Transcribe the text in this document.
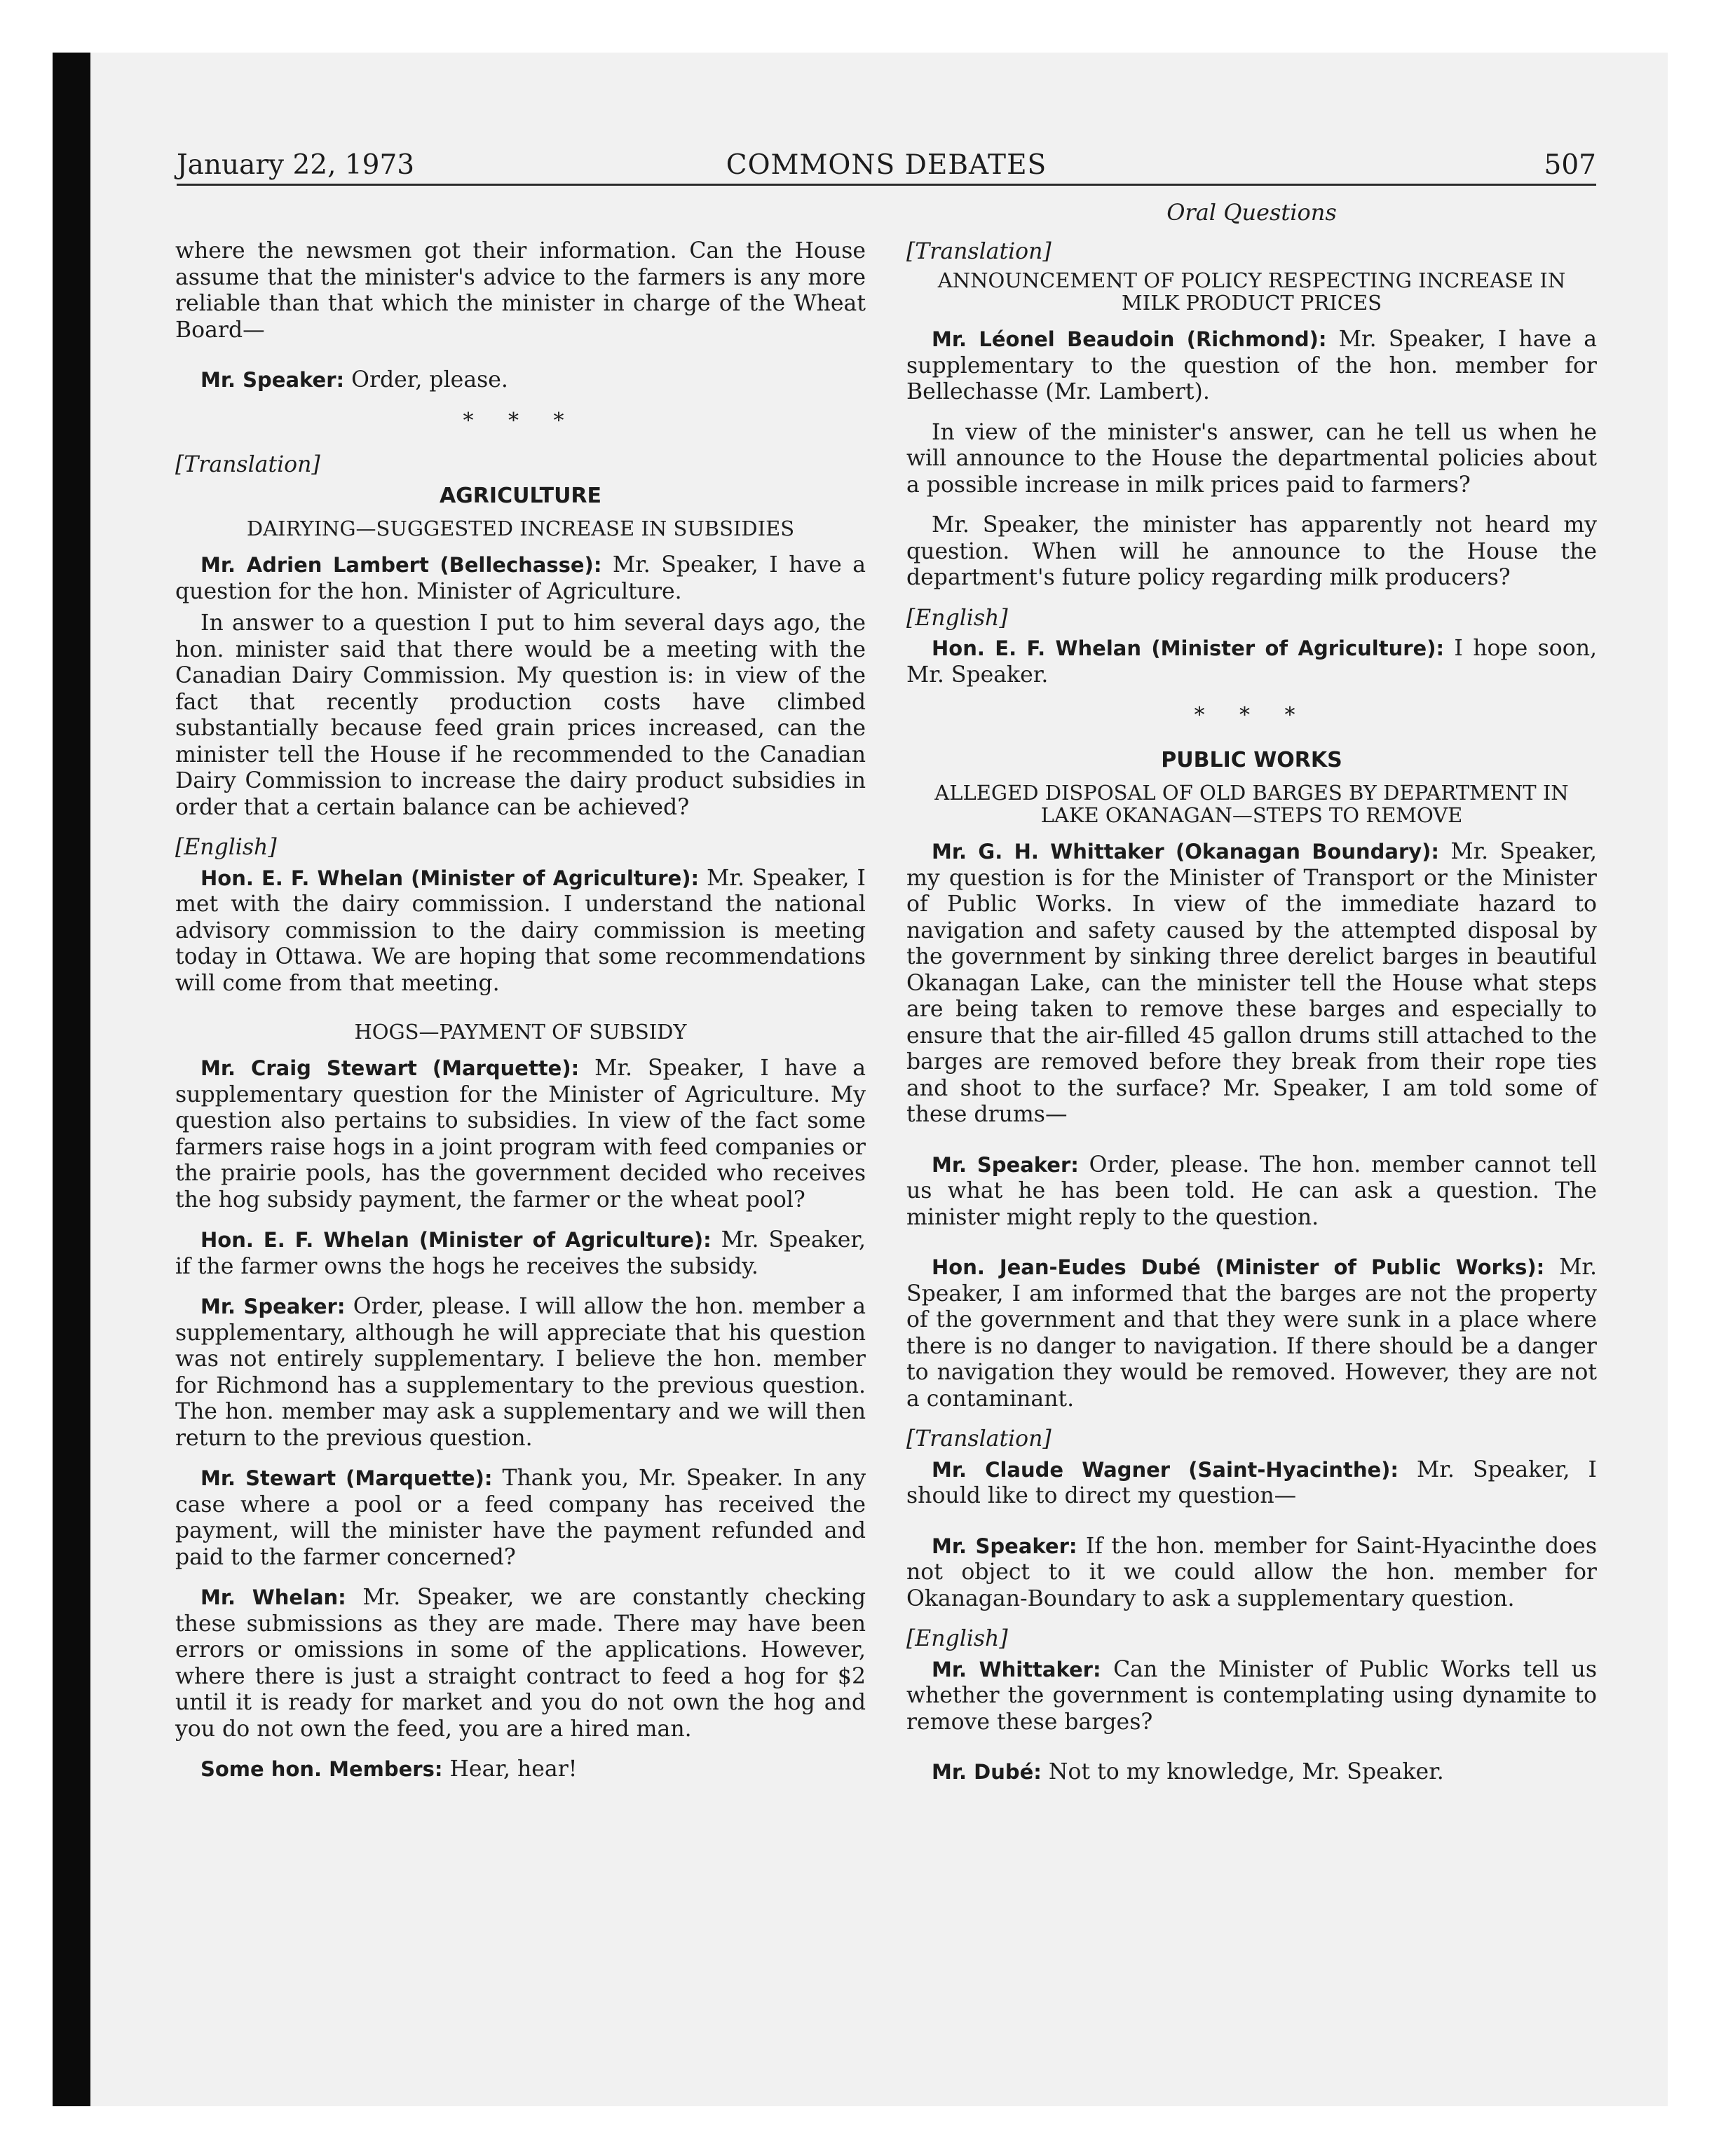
January 22, 1973	COMMONS DEBATES	507

where the newsmen got their information. Can the House assume that the minister's advice to the farmers is any more reliable than that which the minister in charge of the Wheat Board—

Mr. Speaker: Order, please.

* * *
[Translation]
AGRICULTURE
DAIRYING—SUGGESTED INCREASE IN SUBSIDIES

Mr. Adrien Lambert (Bellechasse): Mr. Speaker, I have a question for the hon. Minister of Agriculture.

In answer to a question I put to him several days ago, the hon. minister said that there would be a meeting with the Canadian Dairy Commission. My question is: in view of the fact that recently production costs have climbed substantially because feed grain prices increased, can the minister tell the House if he recommended to the Canadian Dairy Commission to increase the dairy product subsidies in order that a certain balance can be achieved?

[English]

Hon. E. F. Whelan (Minister of Agriculture): Mr. Speaker, I met with the dairy commission. I understand the national advisory commission to the dairy commission is meeting today in Ottawa. We are hoping that some recommendations will come from that meeting.

HOGS—PAYMENT OF SUBSIDY

Mr. Craig Stewart (Marquette): Mr. Speaker, I have a supplementary question for the Minister of Agriculture. My question also pertains to subsidies. In view of the fact some farmers raise hogs in a joint program with feed companies or the prairie pools, has the government decided who receives the hog subsidy payment, the farmer or the wheat pool?

Hon. E. F. Whelan (Minister of Agriculture): Mr. Speaker, if the farmer owns the hogs he receives the subsidy.

Mr. Speaker: Order, please. I will allow the hon. member a supplementary, although he will appreciate that his question was not entirely supplementary. I believe the hon. member for Richmond has a supplementary to the previous question. The hon. member may ask a supplementary and we will then return to the previous question.

Mr. Stewart (Marquette): Thank you, Mr. Speaker. In any case where a pool or a feed company has received the payment, will the minister have the payment refunded and paid to the farmer concerned?

Mr. Whelan: Mr. Speaker, we are constantly checking these submissions as they are made. There may have been errors or omissions in some of the applications. However, where there is just a straight contract to feed a hog for $2 until it is ready for market and you do not own the hog and you do not own the feed, you are a hired man.

Some hon. Members: Hear, hear!

Oral Questions
[Translation]
ANNOUNCEMENT OF POLICY RESPECTING INCREASE IN MILK PRODUCT PRICES

Mr. Léonel Beaudoin (Richmond): Mr. Speaker, I have a supplementary to the question of the hon. member for Bellechasse (Mr. Lambert).

In view of the minister's answer, can he tell us when he will announce to the House the departmental policies about a possible increase in milk prices paid to farmers?

Mr. Speaker, the minister has apparently not heard my question. When will he announce to the House the department's future policy regarding milk producers?

[English]

Hon. E. F. Whelan (Minister of Agriculture): I hope soon, Mr. Speaker.

* * *
PUBLIC WORKS
ALLEGED DISPOSAL OF OLD BARGES BY DEPARTMENT IN LAKE OKANAGAN—STEPS TO REMOVE

Mr. G. H. Whittaker (Okanagan Boundary): Mr. Speaker, my question is for the Minister of Transport or the Minister of Public Works. In view of the immediate hazard to navigation and safety caused by the attempted disposal by the government by sinking three derelict barges in beautiful Okanagan Lake, can the minister tell the House what steps are being taken to remove these barges and especially to ensure that the air-filled 45 gallon drums still attached to the barges are removed before they break from their rope ties and shoot to the surface? Mr. Speaker, I am told some of these drums—

Mr. Speaker: Order, please. The hon. member cannot tell us what he has been told. He can ask a question. The minister might reply to the question.

Hon. Jean-Eudes Dubé (Minister of Public Works): Mr. Speaker, I am informed that the barges are not the property of the government and that they were sunk in a place where there is no danger to navigation. If there should be a danger to navigation they would be removed. However, they are not a contaminant.

[Translation]

Mr. Claude Wagner (Saint-Hyacinthe): Mr. Speaker, I should like to direct my question—

Mr. Speaker: If the hon. member for Saint-Hyacinthe does not object to it we could allow the hon. member for Okanagan-Boundary to ask a supplementary question.

[English]

Mr. Whittaker: Can the Minister of Public Works tell us whether the government is contemplating using dynamite to remove these barges?

Mr. Dubé: Not to my knowledge, Mr. Speaker.
